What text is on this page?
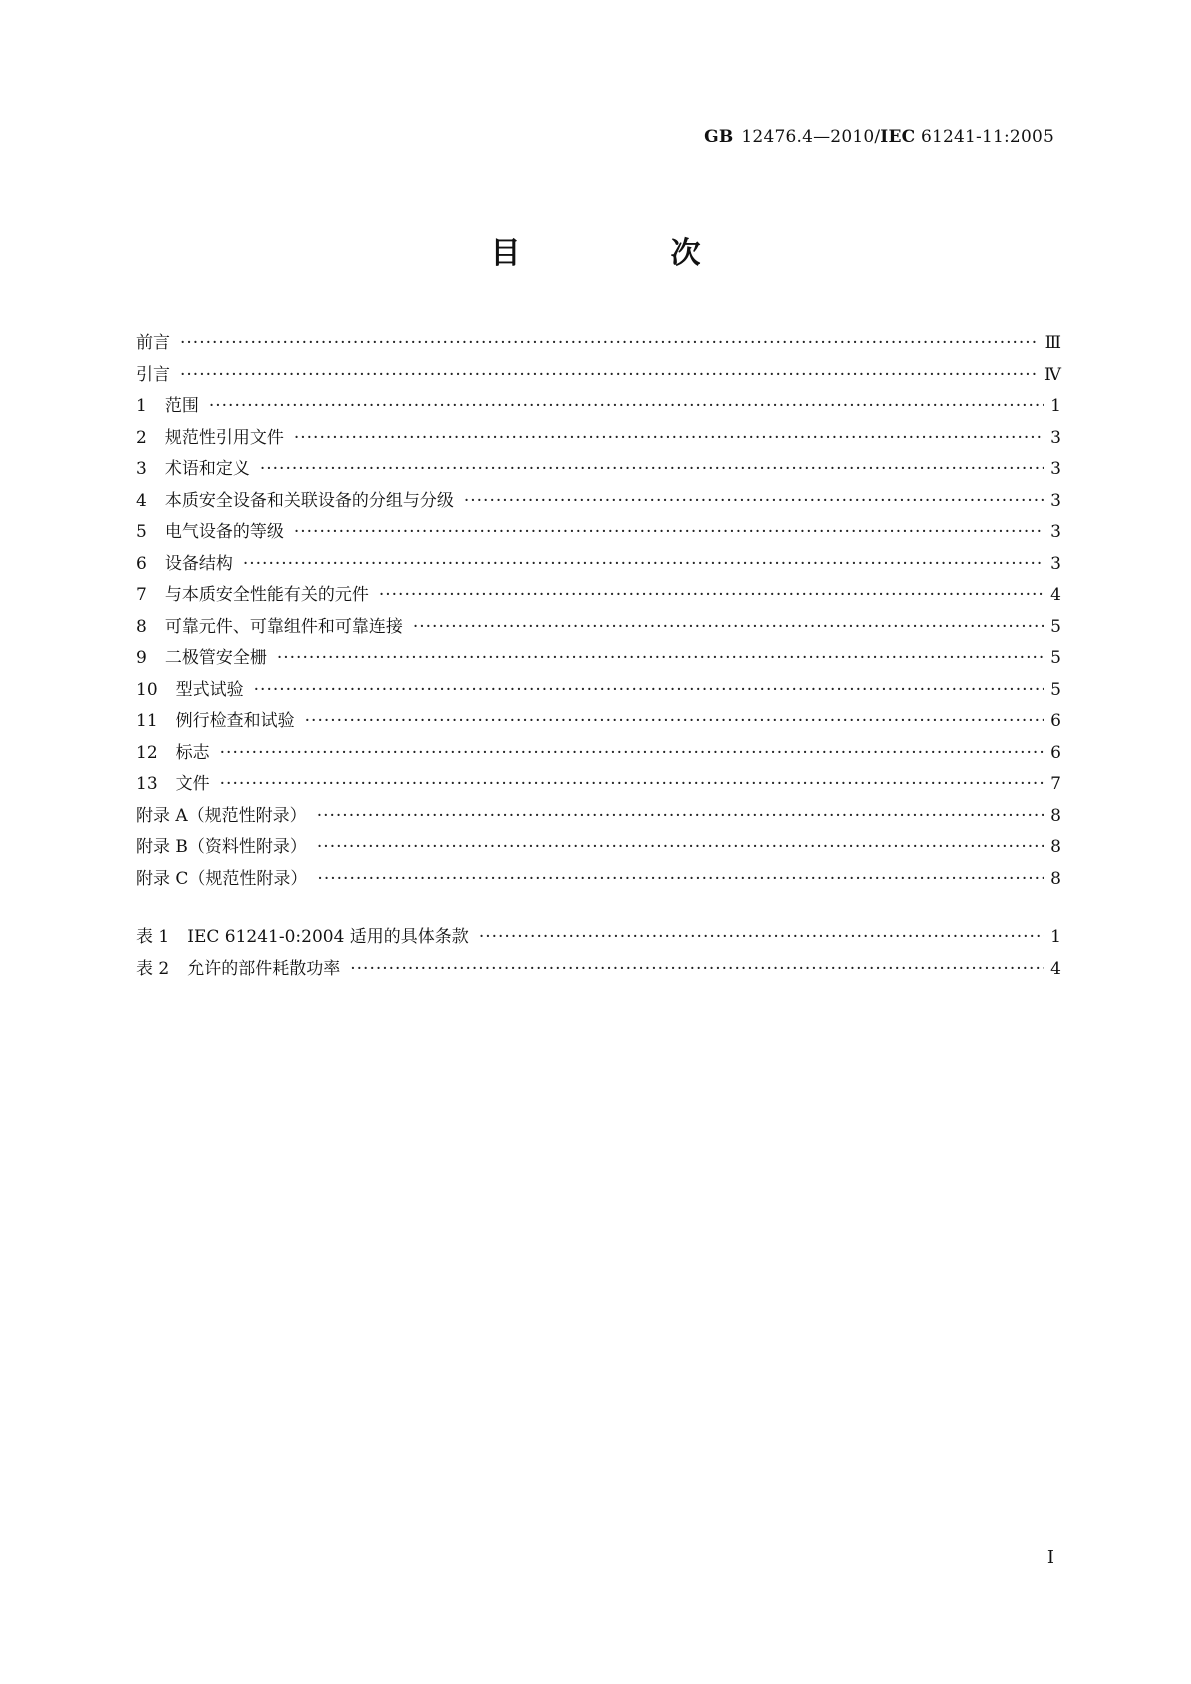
GB 12476.4—2010/IEC 61241-11:2005
目　次
前言 ·····	Ⅲ
引言 ·····	Ⅳ
1 范围 ·····	1
2 规范性引用文件 ·····	3
3 术语和定义 ·····	3
4 本质安全设备和关联设备的分组与分级 ·····	3
5 电气设备的等级 ·····	3
6 设备结构 ·····	3
7 与本质安全性能有关的元件 ·····	4
8 可靠元件、可靠组件和可靠连接 ·····	5
9 二极管安全栅 ·····	5
10 型式试验 ·····	5
11 例行检查和试验 ·····	6
12 标志 ·····	6
13 文件 ·····	7
附录 A（规范性附录） ·····	8
附录 B（资料性附录） ·····	8
附录 C（规范性附录） ·····	8
表 1 IEC 61241-0:2004 适用的具体条款 ·····	1
表 2 允许的部件耗散功率 ·····	4
Ⅰ
